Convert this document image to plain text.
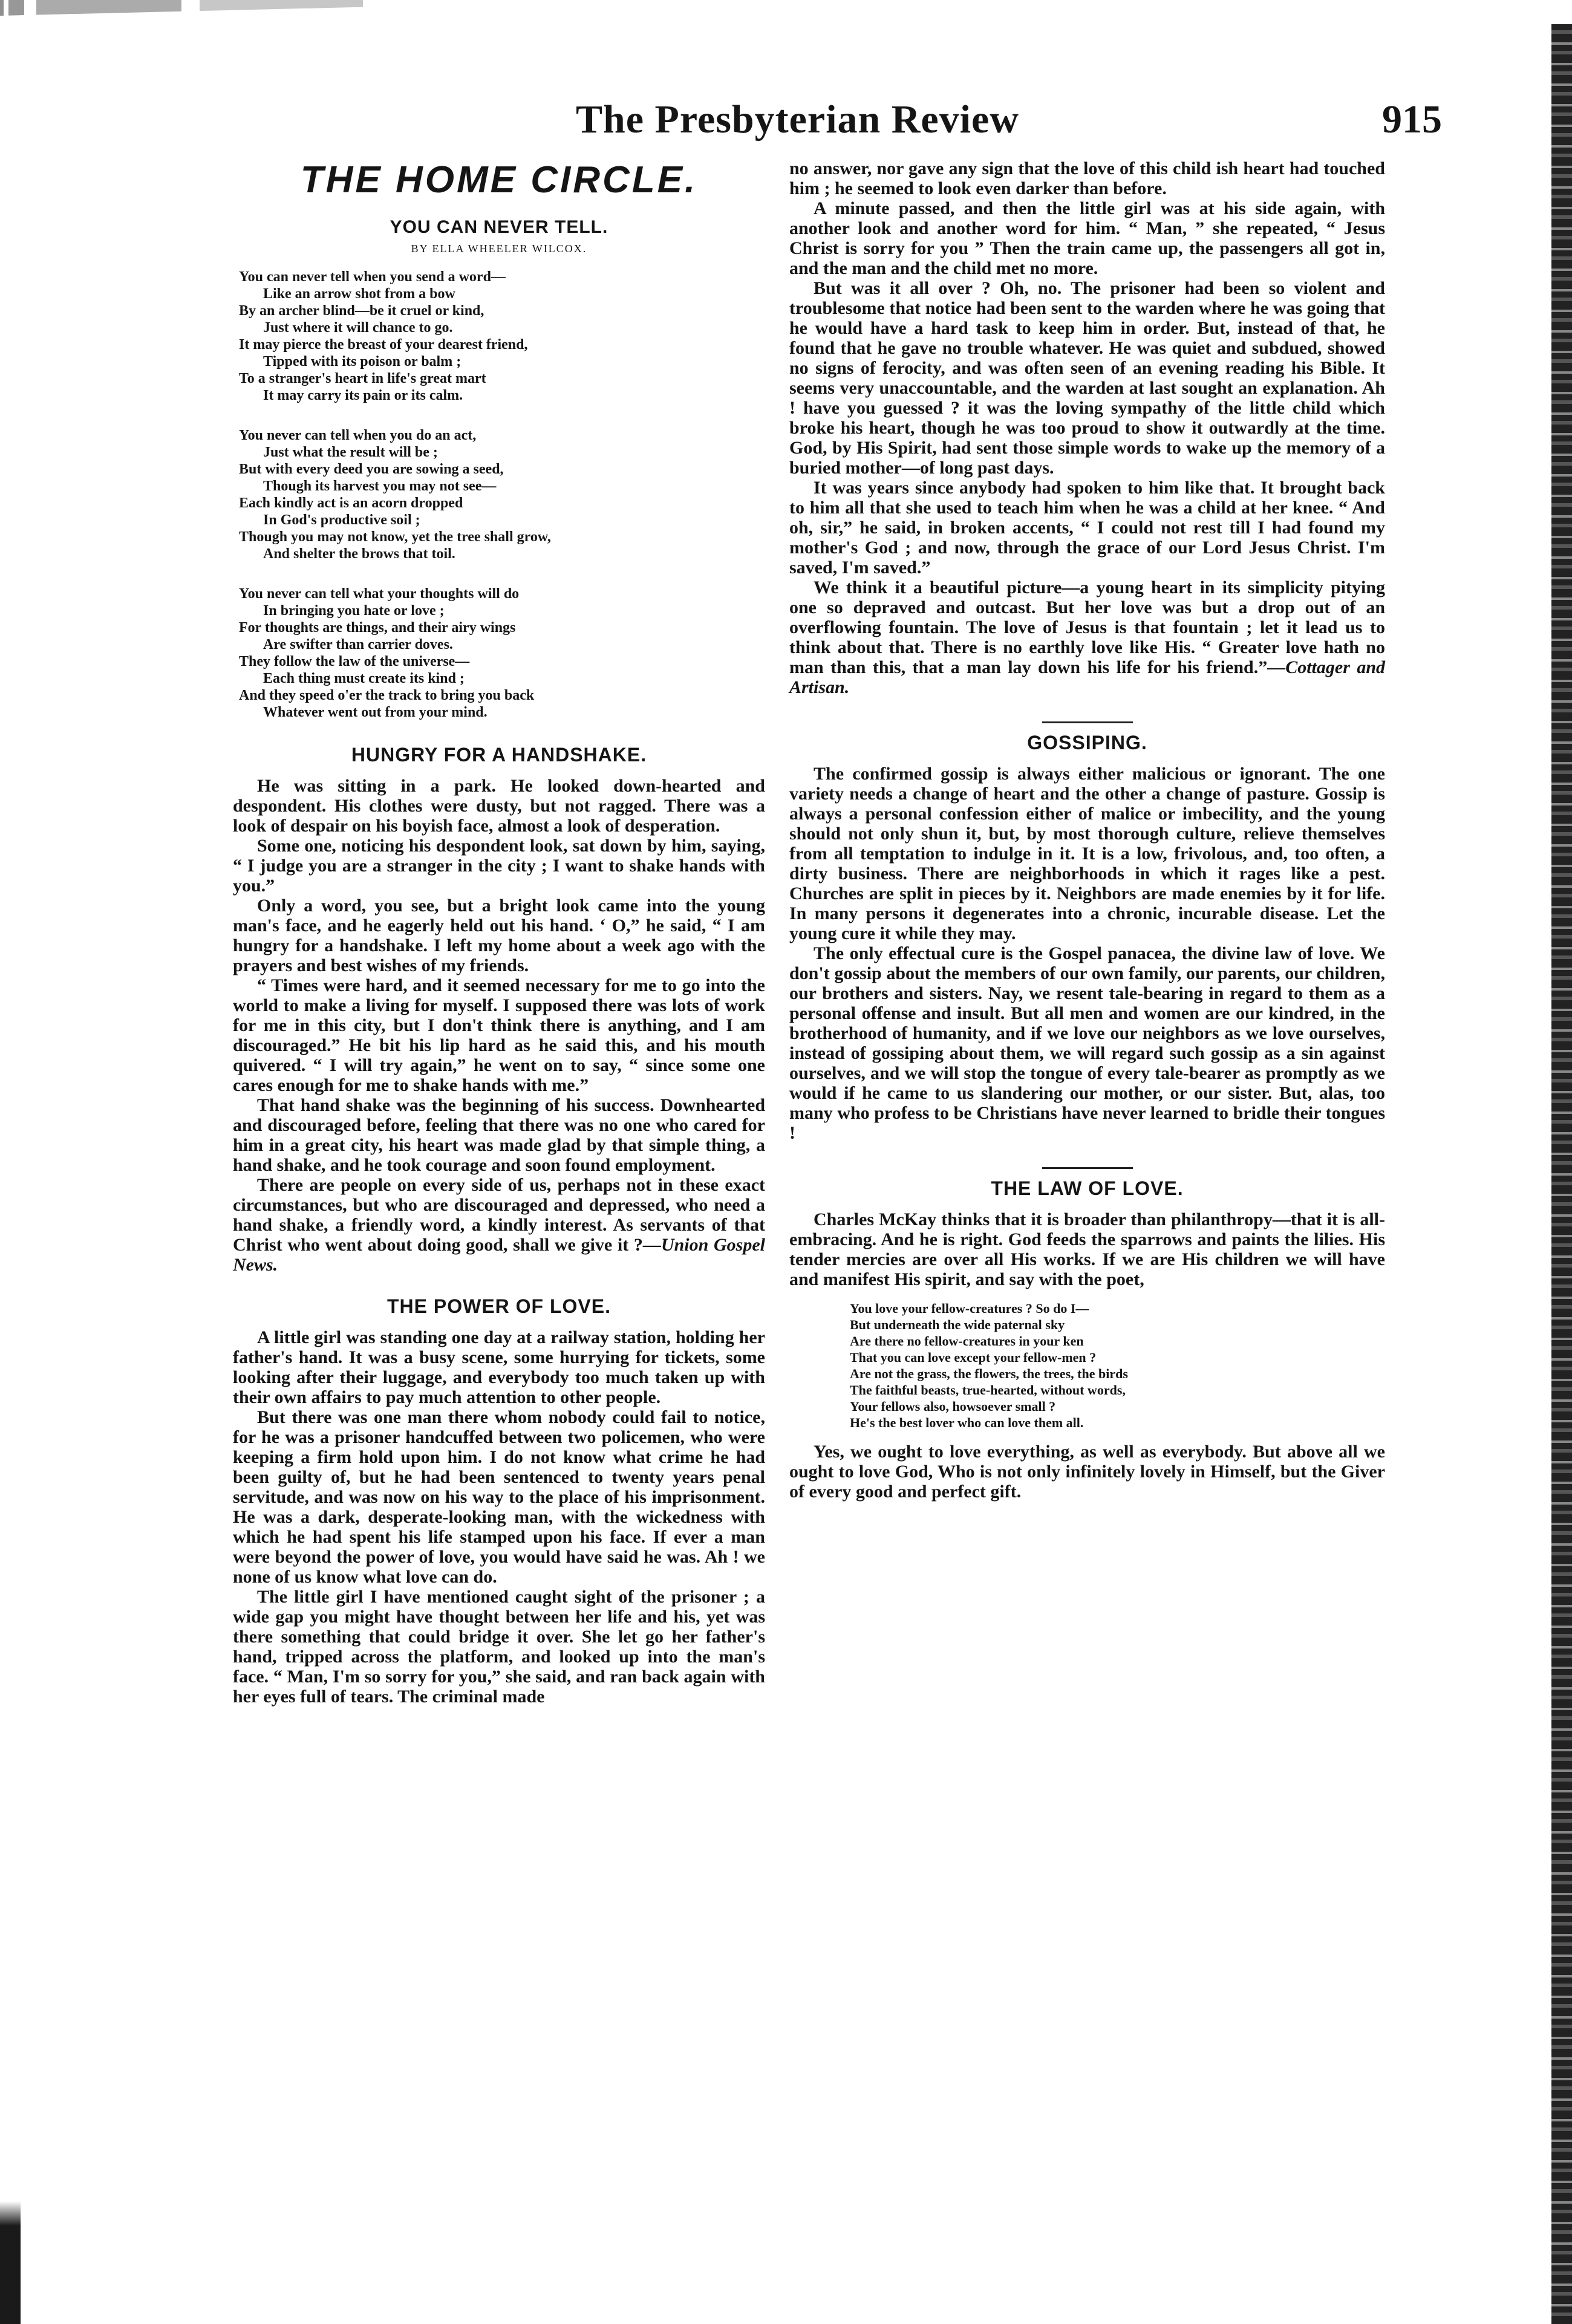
The Presbyterian Review	915
THE HOME CIRCLE.
YOU CAN NEVER TELL.
BY ELLA WHEELER WILCOX.
You can never tell when you send a word—
Like an arrow shot from a bow
By an archer blind—be it cruel or kind,
Just where it will chance to go.
It may pierce the breast of your dearest friend,
Tipped with its poison or balm ;
To a stranger's heart in life's great mart
It may carry its pain or its calm.
You never can tell when you do an act,
Just what the result will be ;
But with every deed you are sowing a seed,
Though its harvest you may not see—
Each kindly act is an acorn dropped
In God's productive soil ;
Though you may not know, yet the tree shall grow,
And shelter the brows that toil.
You never can tell what your thoughts will do
In bringing you hate or love ;
For thoughts are things, and their airy wings
Are swifter than carrier doves.
They follow the law of the universe—
Each thing must create its kind ;
And they speed o'er the track to bring you back
Whatever went out from your mind.
HUNGRY FOR A HANDSHAKE.

He was sitting in a park. He looked down-hearted and despondent. His clothes were dusty, but not ragged. There was a look of despair on his boyish face, almost a look of desperation.

Some one, noticing his despondent look, sat down by him, saying, “ I judge you are a stranger in the city ; I want to shake hands with you.”

Only a word, you see, but a bright look came into the young man's face, and he eagerly held out his hand. ‘ O,” he said, “ I am hungry for a handshake. I left my home about a week ago with the prayers and best wishes of my friends.

“ Times were hard, and it seemed necessary for me to go into the world to make a living for myself. I supposed there was lots of work for me in this city, but I don't think there is anything, and I am discouraged.” He bit his lip hard as he said this, and his mouth quivered. “ I will try again,” he went on to say, “ since some one cares enough for me to shake hands with me.”

That hand shake was the beginning of his success. Downhearted and discouraged before, feeling that there was no one who cared for him in a great city, his heart was made glad by that simple thing, a hand shake, and he took courage and soon found employment.

There are people on every side of us, perhaps not in these exact circumstances, but who are discouraged and depressed, who need a hand shake, a friendly word, a kindly interest. As servants of that Christ who went about doing good, shall we give it ?—Union Gospel News.

THE POWER OF LOVE.

A little girl was standing one day at a railway station, holding her father's hand. It was a busy scene, some hurrying for tickets, some looking after their luggage, and everybody too much taken up with their own affairs to pay much attention to other people.

But there was one man there whom nobody could fail to notice, for he was a prisoner handcuffed between two policemen, who were keeping a firm hold upon him. I do not know what crime he had been guilty of, but he had been sentenced to twenty years penal servitude, and was now on his way to the place of his imprisonment. He was a dark, desperate-looking man, with the wickedness with which he had spent his life stamped upon his face. If ever a man were beyond the power of love, you would have said he was. Ah ! we none of us know what love can do.

The little girl I have mentioned caught sight of the prisoner ; a wide gap you might have thought between her life and his, yet was there something that could bridge it over. She let go her father's hand, tripped across the platform, and looked up into the man's face. “ Man, I'm so sorry for you,” she said, and ran back again with her eyes full of tears. The criminal made

no answer, nor gave any sign that the love of this child ish heart had touched him ; he seemed to look even darker than before.

A minute passed, and then the little girl was at his side again, with another look and another word for him. “ Man, ” she repeated, “ Jesus Christ is sorry for you ” Then the train came up, the passengers all got in, and the man and the child met no more.

But was it all over ? Oh, no. The prisoner had been so violent and troublesome that notice had been sent to the warden where he was going that he would have a hard task to keep him in order. But, instead of that, he found that he gave no trouble whatever. He was quiet and subdued, showed no signs of ferocity, and was often seen of an evening reading his Bible. It seems very unaccountable, and the warden at last sought an explanation. Ah ! have you guessed ? it was the loving sympathy of the little child which broke his heart, though he was too proud to show it outwardly at the time. God, by His Spirit, had sent those simple words to wake up the memory of a buried mother—of long past days.

It was years since anybody had spoken to him like that. It brought back to him all that she used to teach him when he was a child at her knee. “ And oh, sir,” he said, in broken accents, “ I could not rest till I had found my mother's God ; and now, through the grace of our Lord Jesus Christ. I'm saved, I'm saved.”

We think it a beautiful picture—a young heart in its simplicity pitying one so depraved and outcast. But her love was but a drop out of an overflowing fountain. The love of Jesus is that fountain ; let it lead us to think about that. There is no earthly love like His. “ Greater love hath no man than this, that a man lay down his life for his friend.”—Cottager and Artisan.

GOSSIPING.

The confirmed gossip is always either malicious or ignorant. The one variety needs a change of heart and the other a change of pasture. Gossip is always a personal confession either of malice or imbecility, and the young should not only shun it, but, by most thorough culture, relieve themselves from all temptation to indulge in it. It is a low, frivolous, and, too often, a dirty business. There are neighborhoods in which it rages like a pest. Churches are split in pieces by it. Neighbors are made enemies by it for life. In many persons it degenerates into a chronic, incurable disease. Let the young cure it while they may.

The only effectual cure is the Gospel panacea, the divine law of love. We don't gossip about the members of our own family, our parents, our children, our brothers and sisters. Nay, we resent tale-bearing in regard to them as a personal offense and insult. But all men and women are our kindred, in the brotherhood of humanity, and if we love our neighbors as we love ourselves, instead of gossiping about them, we will regard such gossip as a sin against ourselves, and we will stop the tongue of every tale-bearer as promptly as we would if he came to us slandering our mother, or our sister. But, alas, too many who profess to be Christians have never learned to bridle their tongues !

THE LAW OF LOVE.

Charles McKay thinks that it is broader than philanthropy—that it is all-embracing. And he is right. God feeds the sparrows and paints the lilies. His tender mercies are over all His works. If we are His children we will have and manifest His spirit, and say with the poet,

You love your fellow-creatures ? So do I—
But underneath the wide paternal sky
Are there no fellow-creatures in your ken
That you can love except your fellow-men ?
Are not the grass, the flowers, the trees, the birds
The faithful beasts, true-hearted, without words,
Your fellows also, howsoever small ?
He's the best lover who can love them all.

Yes, we ought to love everything, as well as everybody. But above all we ought to love God, Who is not only infinitely lovely in Himself, but the Giver of every good and perfect gift.
